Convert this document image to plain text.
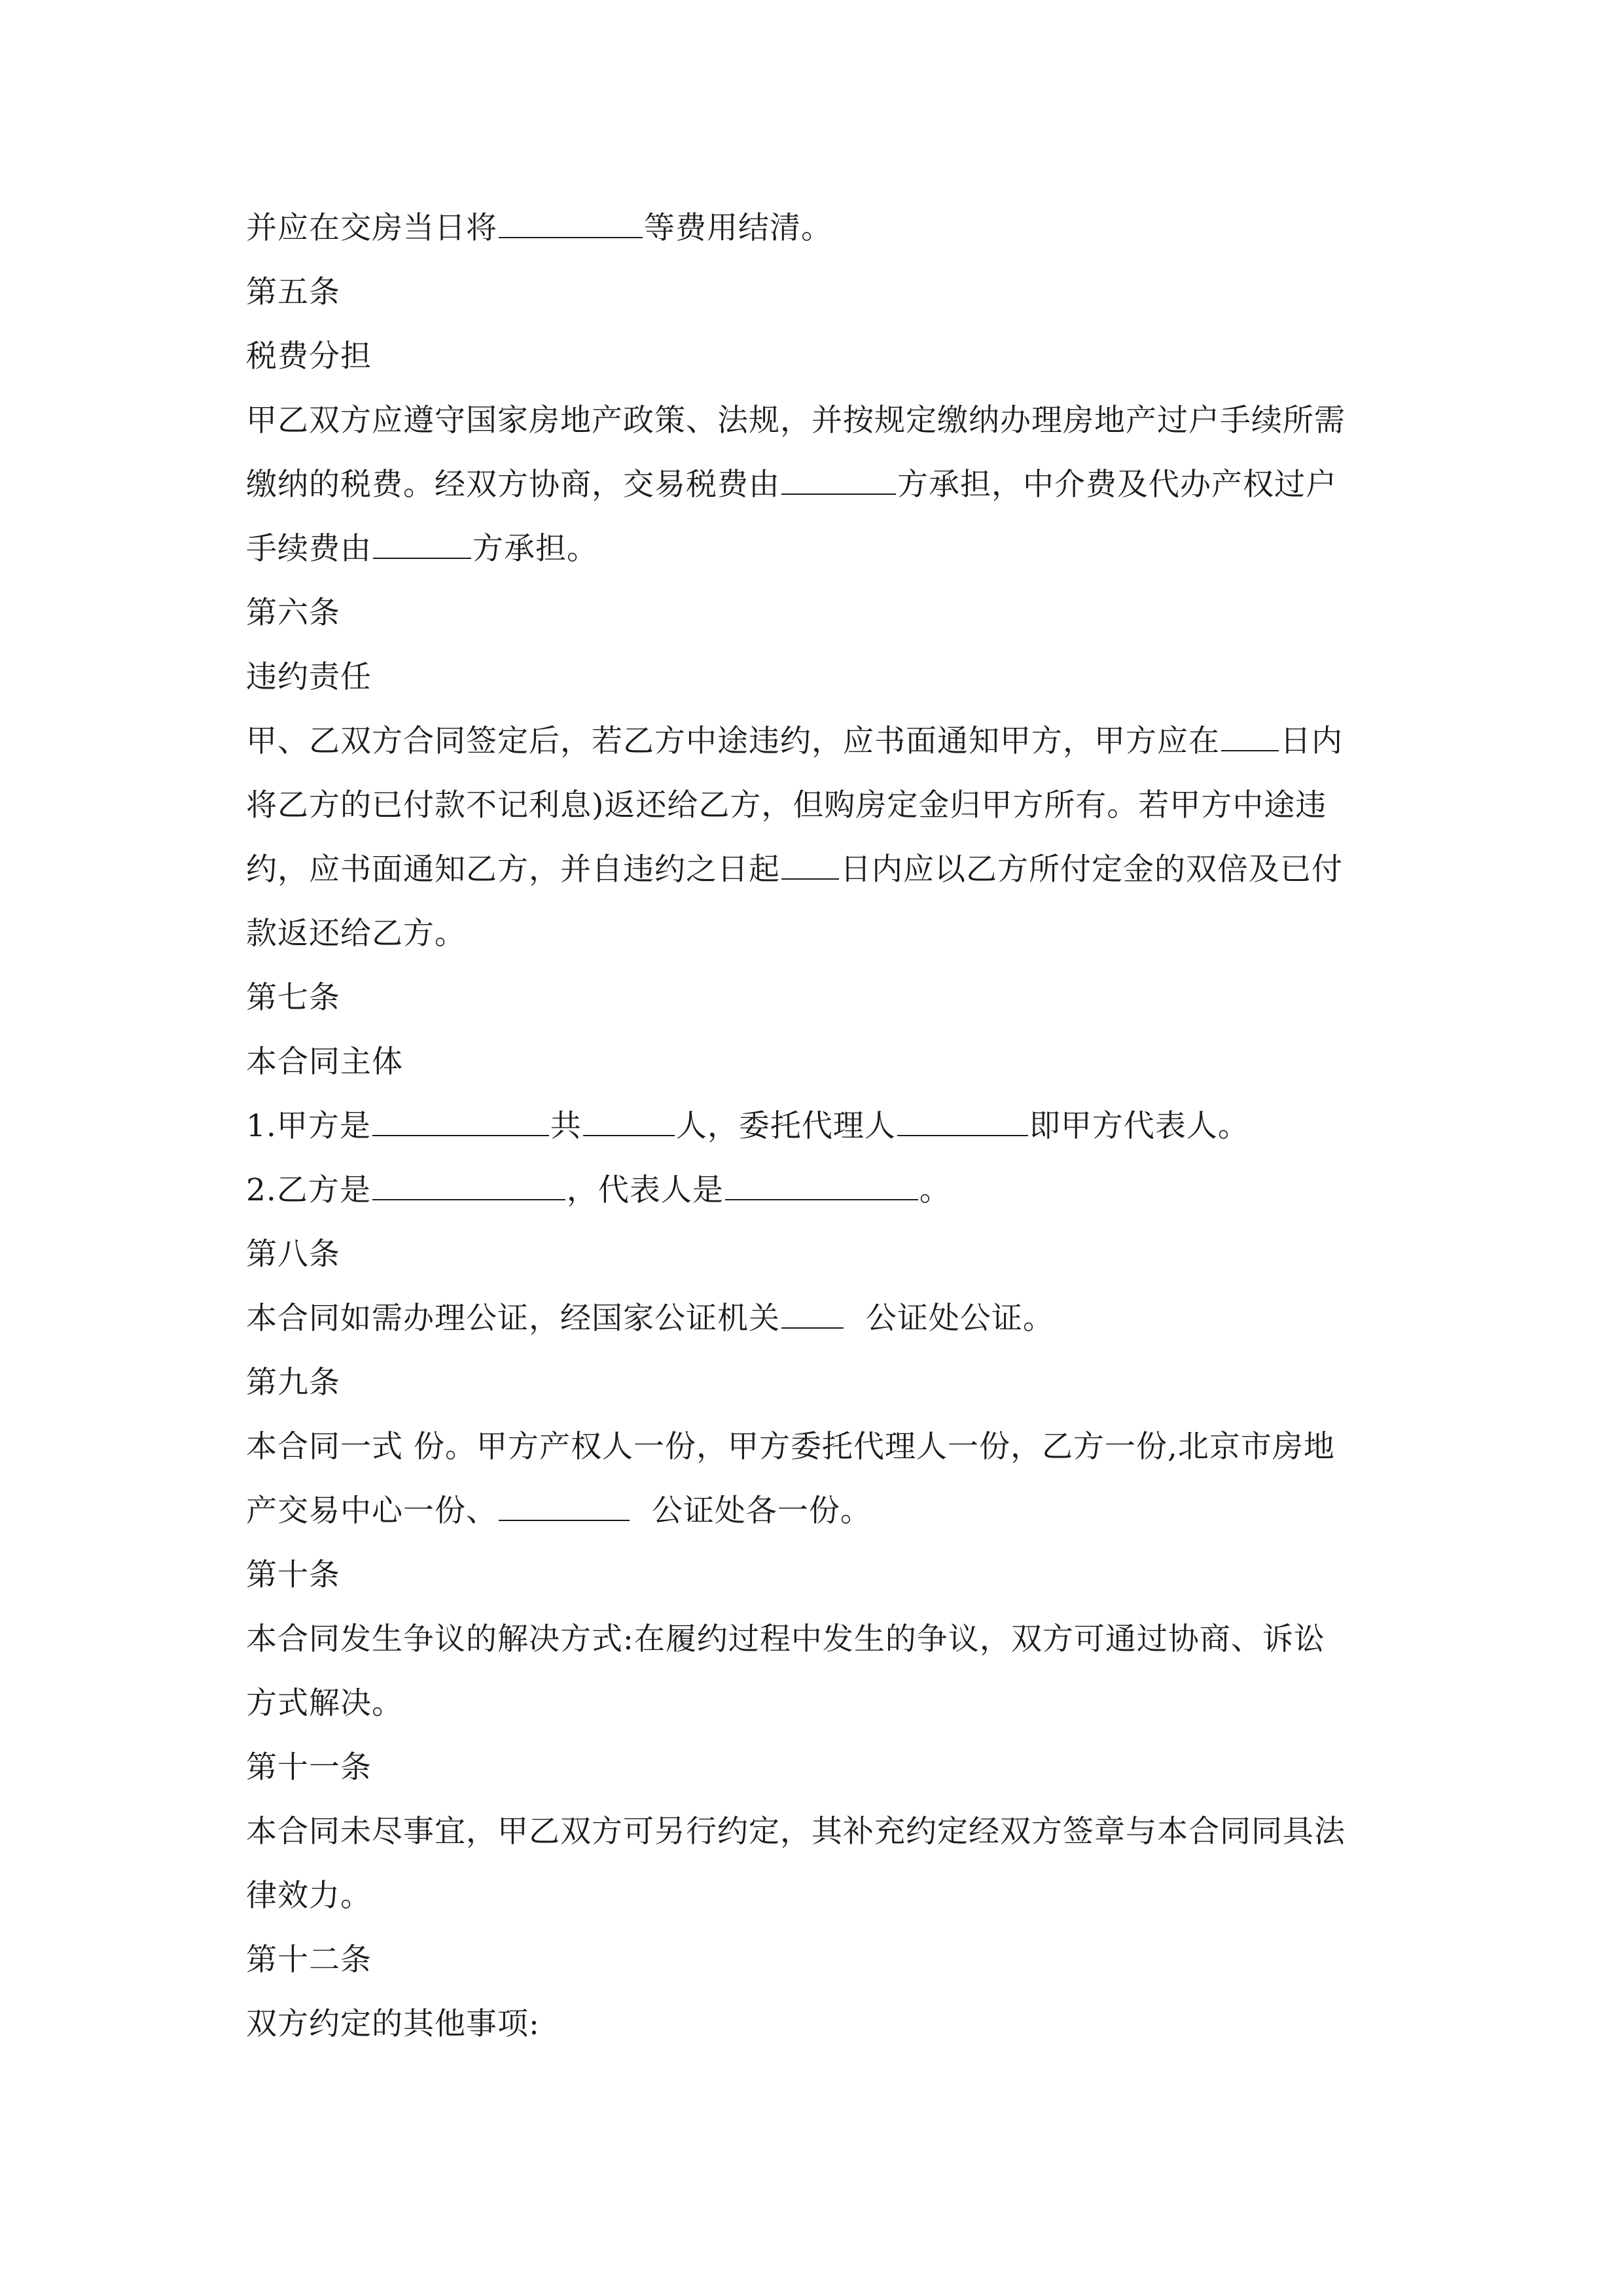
并应在交房当日将	等费用结清。
第五条
税费分担
甲乙双方应遵守国家房地产政策、法规，并按规定缴纳办理房地产过户手续所需
缴纳的税费。经双方协商，交易税费由	方承担，中介费及代办产权过户
手续费由	方承担。
第六条
违约责任
甲、乙双方合同签定后，若乙方中途违约，应书面通知甲方，甲方应在 日内
将乙方的已付款不记利息)返还给乙方，但购房定金归甲方所有。若甲方中途违
约，应书面通知乙方，并自违约之日起 日内应以乙方所付定金的双倍及已付
款返还给乙方。
第七条
本合同主体
1.甲方是	共	人，委托代理人	即甲方代表人。
2.乙方是	，代表人是	。
第八条
本合同如需办理公证，经国家公证机关	公证处公证。
第九条
本合同一式 份。甲方产权人一份，甲方委托代理人一份，乙方一份,北京市房地
产交易中心一份、	公证处各一份。
第十条
本合同发生争议的解决方式:在履约过程中发生的争议，双方可通过协商、诉讼
方式解决。
第十一条
本合同未尽事宜，甲乙双方可另行约定，其补充约定经双方签章与本合同同具法
律效力。
第十二条
双方约定的其他事项:
